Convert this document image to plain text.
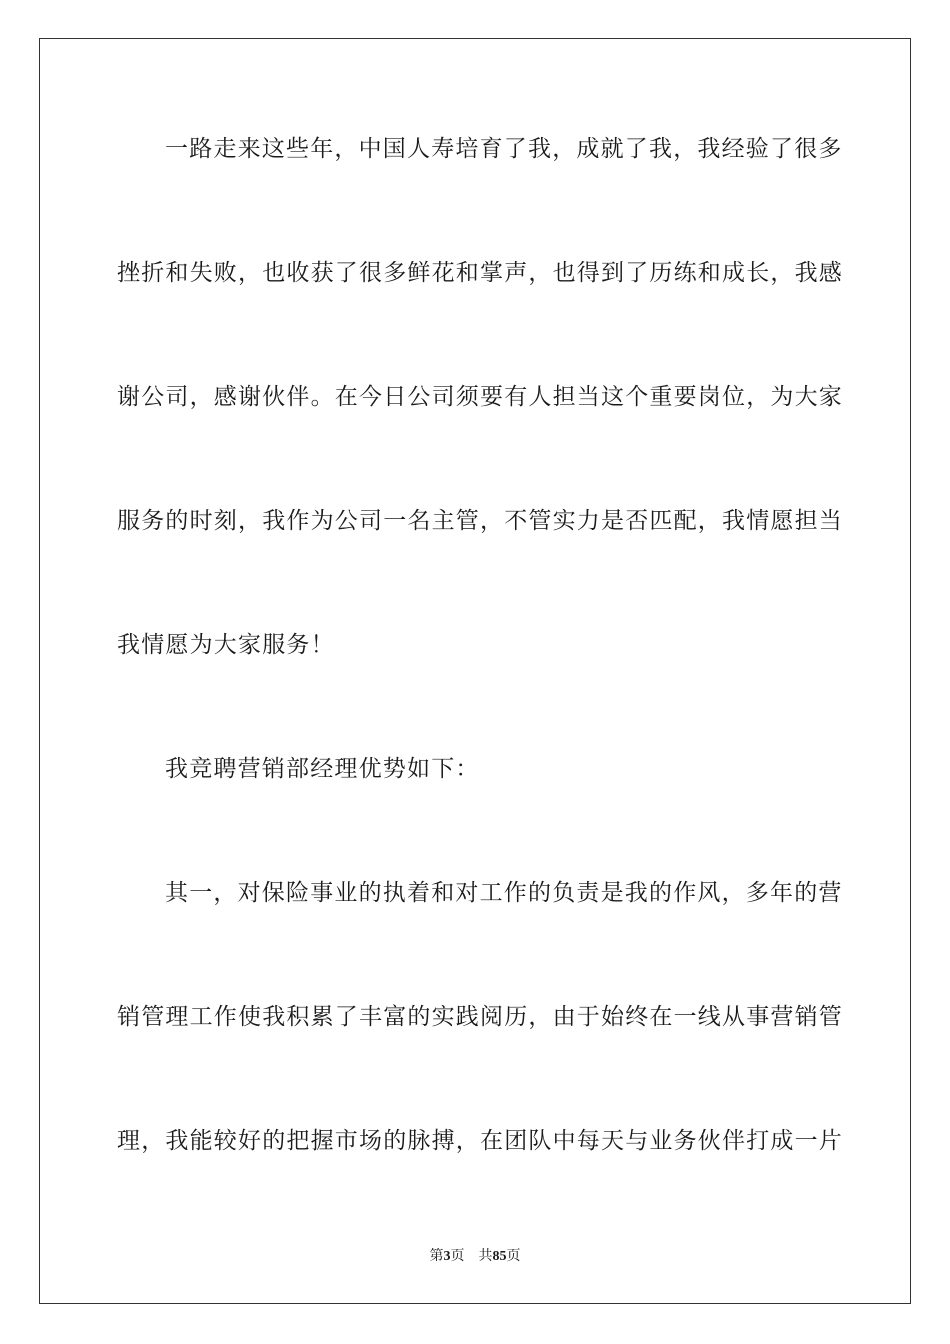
一路走来这些年，中国人寿培育了我，成就了我，我经验了很多
挫折和失败，也收获了很多鲜花和掌声，也得到了历练和成长，我感
谢公司，感谢伙伴。在今日公司须要有人担当这个重要岗位，为大家
服务的时刻，我作为公司一名主管，不管实力是否匹配，我情愿担当
我情愿为大家服务！
我竞聘营销部经理优势如下：
其一，对保险事业的执着和对工作的负责是我的作风，多年的营
销管理工作使我积累了丰富的实践阅历，由于始终在一线从事营销管
理，我能较好的把握市场的脉搏，在团队中每天与业务伙伴打成一片
第3页 共85页
